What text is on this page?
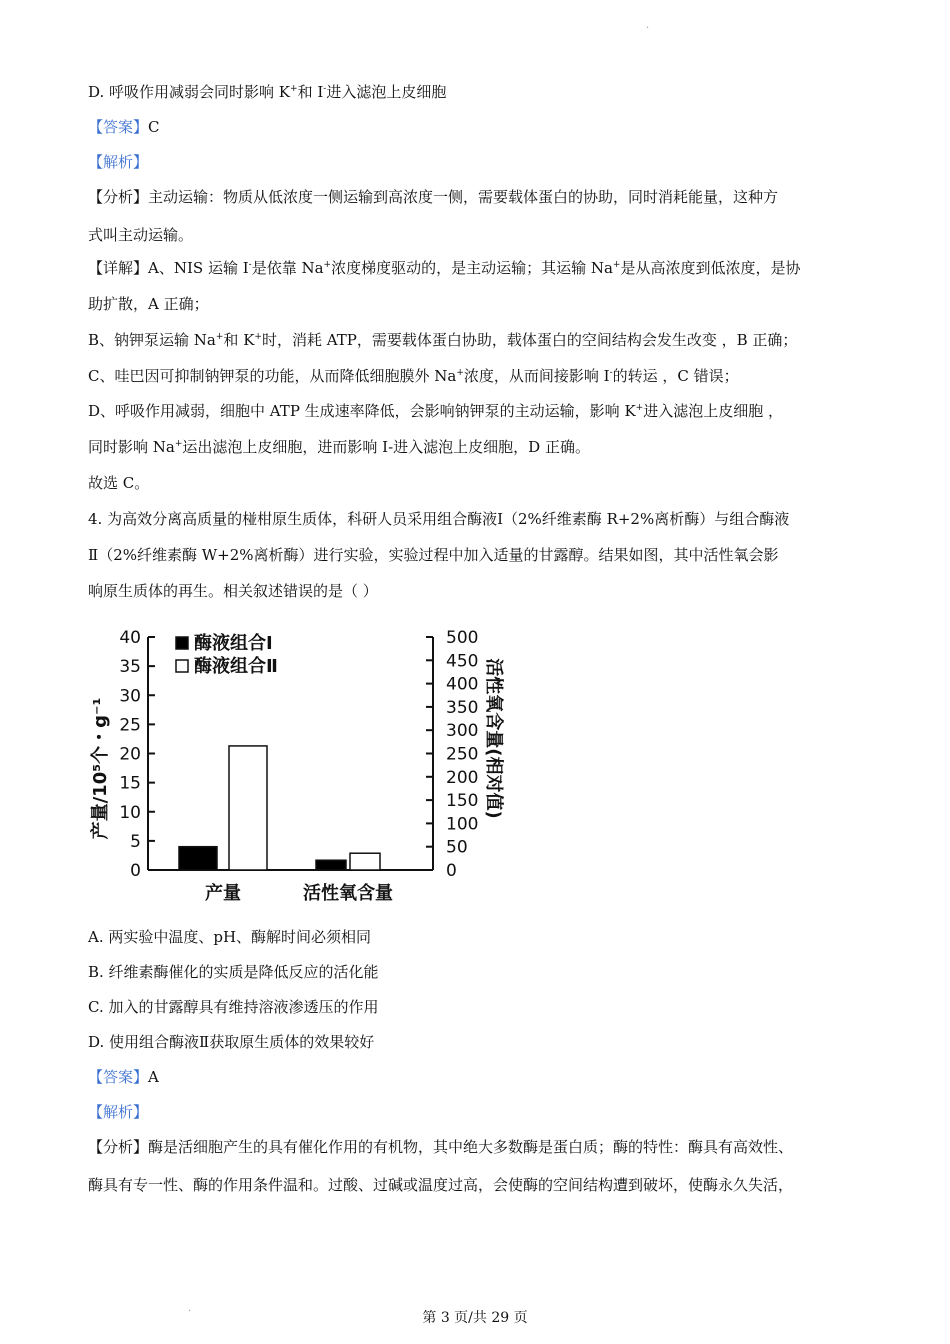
.
D. 呼吸作用减弱会同时影响 K+和 I-进入滤泡上皮细胞
【答案】C
【解析】
【分析】主动运输：物质从低浓度一侧运输到高浓度一侧，需要载体蛋白的协助，同时消耗能量，这种方
式叫主动运输。
【详解】A、NIS 运输 I-是依靠 Na+浓度梯度驱动的，是主动运输；其运输 Na+是从高浓度到低浓度，是协
助扩散，A 正确；
B、钠钾泵运输 Na+和 K+时，消耗 ATP，需要载体蛋白协助，载体蛋白的空间结构会发生改变 ，B 正确；
C、哇巴因可抑制钠钾泵的功能，从而降低细胞膜外 Na+浓度，从而间接影响 I-的转运 ，C 错误；
D、呼吸作用减弱，细胞中 ATP 生成速率降低，会影响钠钾泵的主动运输，影响 K+进入滤泡上皮细胞 ，
同时影响 Na+运出滤泡上皮细胞，进而影响 I-进入滤泡上皮细胞，D 正确。
故选 C。
4. 为高效分离高质量的椪柑原生质体，科研人员采用组合酶液Ⅰ（2%纤维素酶 R+2%离析酶）与组合酶液
Ⅱ（2%纤维素酶 W+2%离析酶）进行实验，实验过程中加入适量的甘露醇。结果如图，其中活性氧会影
响原生质体的再生。相关叙述错误的是（ ）
0
5
10
15
20
25
30
35
40
0
50
100
150
200
250
300
350
400
450
500
产量/10⁵个・g⁻¹	活性氧含量(相对值)
产量	活性氧含量
酶液组合Ⅰ
酶液组合Ⅱ
A. 两实验中温度、pH、酶解时间必须相同
B. 纤维素酶催化的实质是降低反应的活化能
C. 加入的甘露醇具有维持溶液渗透压的作用
D. 使用组合酶液Ⅱ获取原生质体的效果较好
【答案】A
【解析】
【分析】酶是活细胞产生的具有催化作用的有机物，其中绝大多数酶是蛋白质；酶的特性：酶具有高效性、
酶具有专一性、酶的作用条件温和。过酸、过碱或温度过高，会使酶的空间结构遭到破坏，使酶永久失活，
.
第 3 页/共 29 页
